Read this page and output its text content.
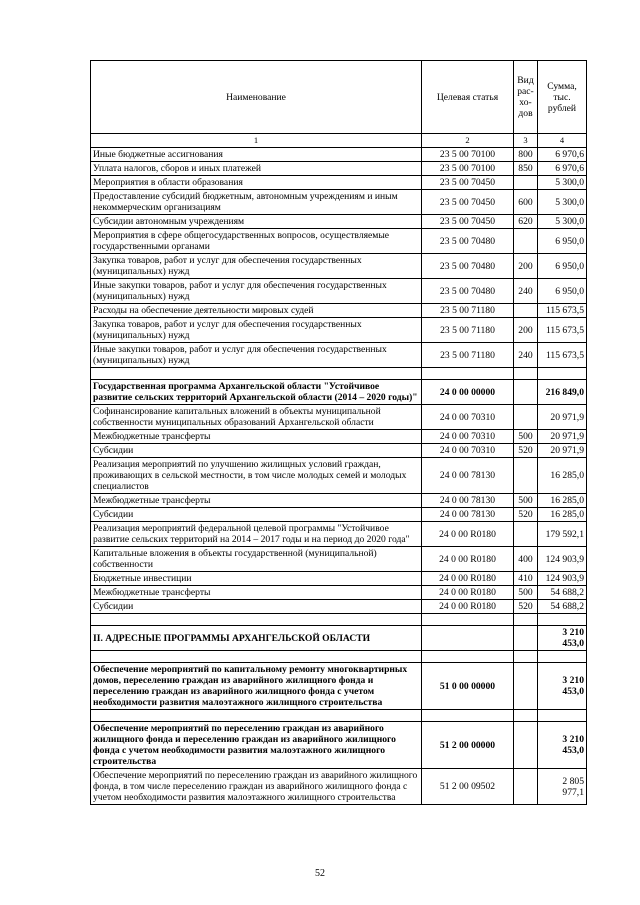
Наименование	Целевая статья	Вид рас-хо-дов	Сумма, тыс. рублей
1	2	3	4
Иные бюджетные ассигнования	23 5 00 70100	800	6 970,6
Уплата налогов, сборов и иных платежей	23 5 00 70100	850	6 970,6
Мероприятия в области образования	23 5 00 70450		5 300,0
Предоставление субсидий бюджетным, автономным учреждениям и иным некоммерческим организациям	23 5 00 70450	600	5 300,0
Субсидии автономным учреждениям	23 5 00 70450	620	5 300,0
Мероприятия в сфере общегосударственных вопросов, осуществляемые государственными органами	23 5 00 70480		6 950,0
Закупка товаров, работ и услуг для обеспечения государственных (муниципальных) нужд	23 5 00 70480	200	6 950,0
Иные закупки товаров, работ и услуг для обеспечения государственных (муниципальных) нужд	23 5 00 70480	240	6 950,0
Расходы на обеспечение деятельности мировых судей	23 5 00 71180		115 673,5
Закупка товаров, работ и услуг для обеспечения государственных (муниципальных) нужд	23 5 00 71180	200	115 673,5
Иные закупки товаров, работ и услуг для обеспечения государственных (муниципальных) нужд	23 5 00 71180	240	115 673,5

Государственная программа Архангельской области "Устойчивое развитие сельских территорий Архангельской области (2014 – 2020 годы)"	24 0 00 00000		216 849,0
Софинансирование капитальных вложений в объекты муниципальной собственности муниципальных образований Архангельской области	24 0 00 70310		20 971,9
Межбюджетные трансферты	24 0 00 70310	500	20 971,9
Субсидии	24 0 00 70310	520	20 971,9
Реализация мероприятий по улучшению жилищных условий граждан, проживающих в сельской местности, в том числе молодых семей и молодых специалистов	24 0 00 78130		16 285,0
Межбюджетные трансферты	24 0 00 78130	500	16 285,0
Субсидии	24 0 00 78130	520	16 285,0
Реализация мероприятий федеральной целевой программы "Устойчивое развитие сельских территорий на 2014 – 2017 годы и на период до 2020 года"	24 0 00 R0180		179 592,1
Капитальные вложения в объекты государственной (муниципальной) собственности	24 0 00 R0180	400	124 903,9
Бюджетные инвестиции	24 0 00 R0180	410	124 903,9
Межбюджетные трансферты	24 0 00 R0180	500	54 688,2
Субсидии	24 0 00 R0180	520	54 688,2

II. АДРЕСНЫЕ ПРОГРАММЫ АРХАНГЕЛЬСКОЙ ОБЛАСТИ			3 210 453,0

Обеспечение мероприятий по капитальному ремонту многоквартирных домов, переселению граждан из аварийного жилищного фонда и переселению граждан из аварийного жилищного фонда с учетом необходимости развития малоэтажного жилищного строительства	51 0 00 00000		3 210 453,0

Обеспечение мероприятий по переселению граждан из аварийного жилищного фонда и переселению граждан из аварийного жилищного фонда с учетом необходимости развития малоэтажного жилищного строительства	51 2 00 00000		3 210 453,0
Обеспечение мероприятий по переселению граждан из аварийного жилищного фонда, в том числе переселению граждан из аварийного жилищного фонда с учетом необходимости развития малоэтажного жилищного строительства	51 2 00 09502		2 805 977,1
52
